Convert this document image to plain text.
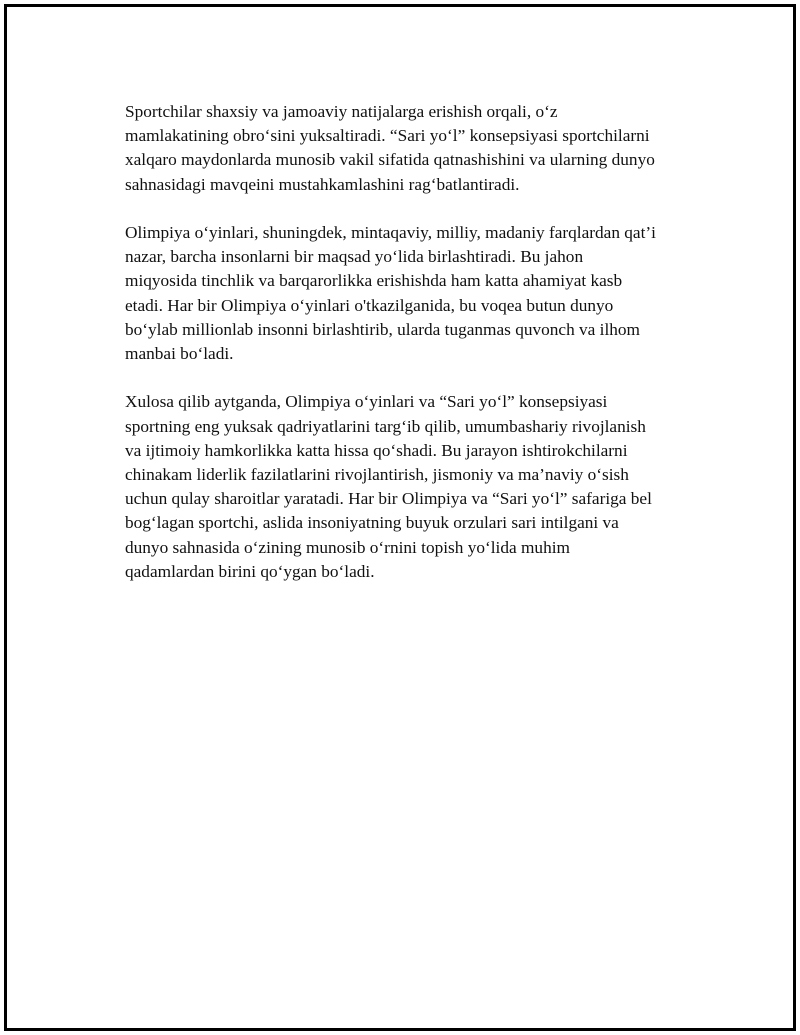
Sportchilar shaxsiy va jamoaviy natijalarga erishish orqali, o‘z
mamlakatining obro‘sini yuksaltiradi. “Sari yo‘l” konsepsiyasi sportchilarni
xalqaro maydonlarda munosib vakil sifatida qatnashishini va ularning dunyo
sahnasidagi mavqeini mustahkamlashini rag‘batlantiradi.

Olimpiya o‘yinlari, shuningdek, mintaqaviy, milliy, madaniy farqlardan qat’i
nazar, barcha insonlarni bir maqsad yo‘lida birlashtiradi. Bu jahon
miqyosida tinchlik va barqarorlikka erishishda ham katta ahamiyat kasb
etadi. Har bir Olimpiya o‘yinlari o'tkazilganida, bu voqea butun dunyo
bo‘ylab millionlab insonni birlashtirib, ularda tuganmas quvonch va ilhom
manbai bo‘ladi.

Xulosa qilib aytganda, Olimpiya o‘yinlari va “Sari yo‘l” konsepsiyasi
sportning eng yuksak qadriyatlarini targ‘ib qilib, umumbashariy rivojlanish
va ijtimoiy hamkorlikka katta hissa qo‘shadi. Bu jarayon ishtirokchilarni
chinakam liderlik fazilatlarini rivojlantirish, jismoniy va ma’naviy o‘sish
uchun qulay sharoitlar yaratadi. Har bir Olimpiya va “Sari yo‘l” safariga bel
bog‘lagan sportchi, aslida insoniyatning buyuk orzulari sari intilgani va
dunyo sahnasida o‘zining munosib o‘rnini topish yo‘lida muhim
qadamlardan birini qo‘ygan bo‘ladi.
